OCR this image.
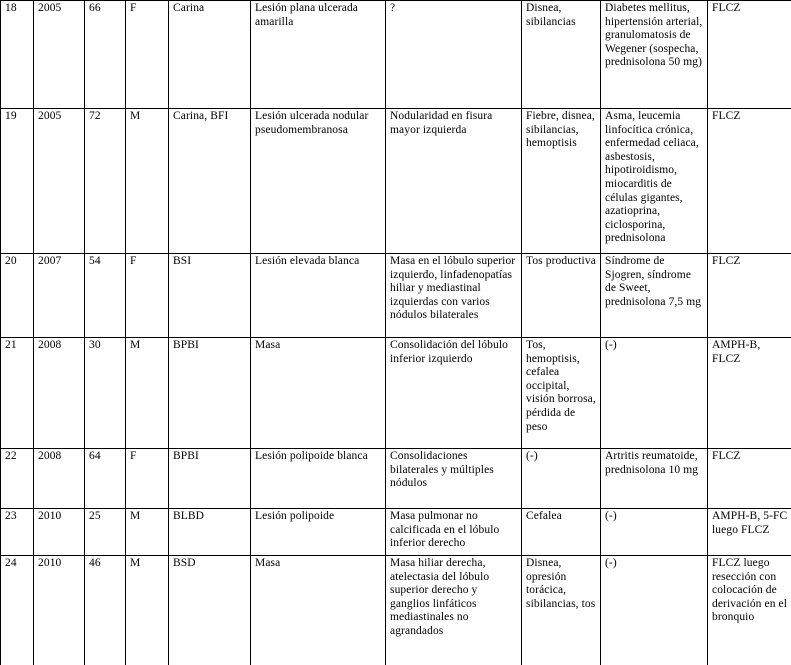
18	2005	66	F	Carina	Lesión plana ulcerada amarilla	?	Disnea, sibilancias	Diabetes mellitus, hipertensión arterial, granulomatosis de Wegener (sospecha, prednisolona 50 mg)	FLCZ

19	2005	72	M	Carina, BFI	Lesión ulcerada nodular pseudomembranosa	Nodularidad en fisura mayor izquierda	Fiebre, disnea, sibilancias, hemoptisis	Asma, leucemia linfocítica crónica, enfermedad celiaca, asbestosis, hipotiroidismo, miocarditis de células gigantes, azatioprina, ciclosporina, prednisolona	FLCZ

20	2007	54	F	BSI	Lesión elevada blanca	Masa en el lóbulo superior izquierdo, linfadenopatías hiliar y mediastinal izquierdas con varios nódulos bilaterales	Tos productiva	Síndrome de Sjogren, síndrome de Sweet, prednisolona 7,5 mg	FLCZ

21	2008	30	M	BPBI	Masa	Consolidación del lóbulo inferior izquierdo	Tos, hemoptisis, cefalea occipital, visión borrosa, pérdida de peso	(-)	AMPH-B, FLCZ

22	2008	64	F	BPBI	Lesión polipoide blanca	Consolidaciones bilaterales y múltiples nódulos	(-)	Artritis reumatoide, prednisolona 10 mg	FLCZ

23	2010	25	M	BLBD	Lesión polipoide	Masa pulmonar no calcificada en el lóbulo inferior derecho	Cefalea	(-)	AMPH-B, 5-FC luego FLCZ

24	2010	46	M	BSD	Masa	Masa hiliar derecha, atelectasia del lóbulo superior derecho y ganglios linfáticos mediastinales no agrandados	Disnea, opresión torácica, sibilancias, tos	(-)	FLCZ luego resección con colocación de derivación en el bronquio
